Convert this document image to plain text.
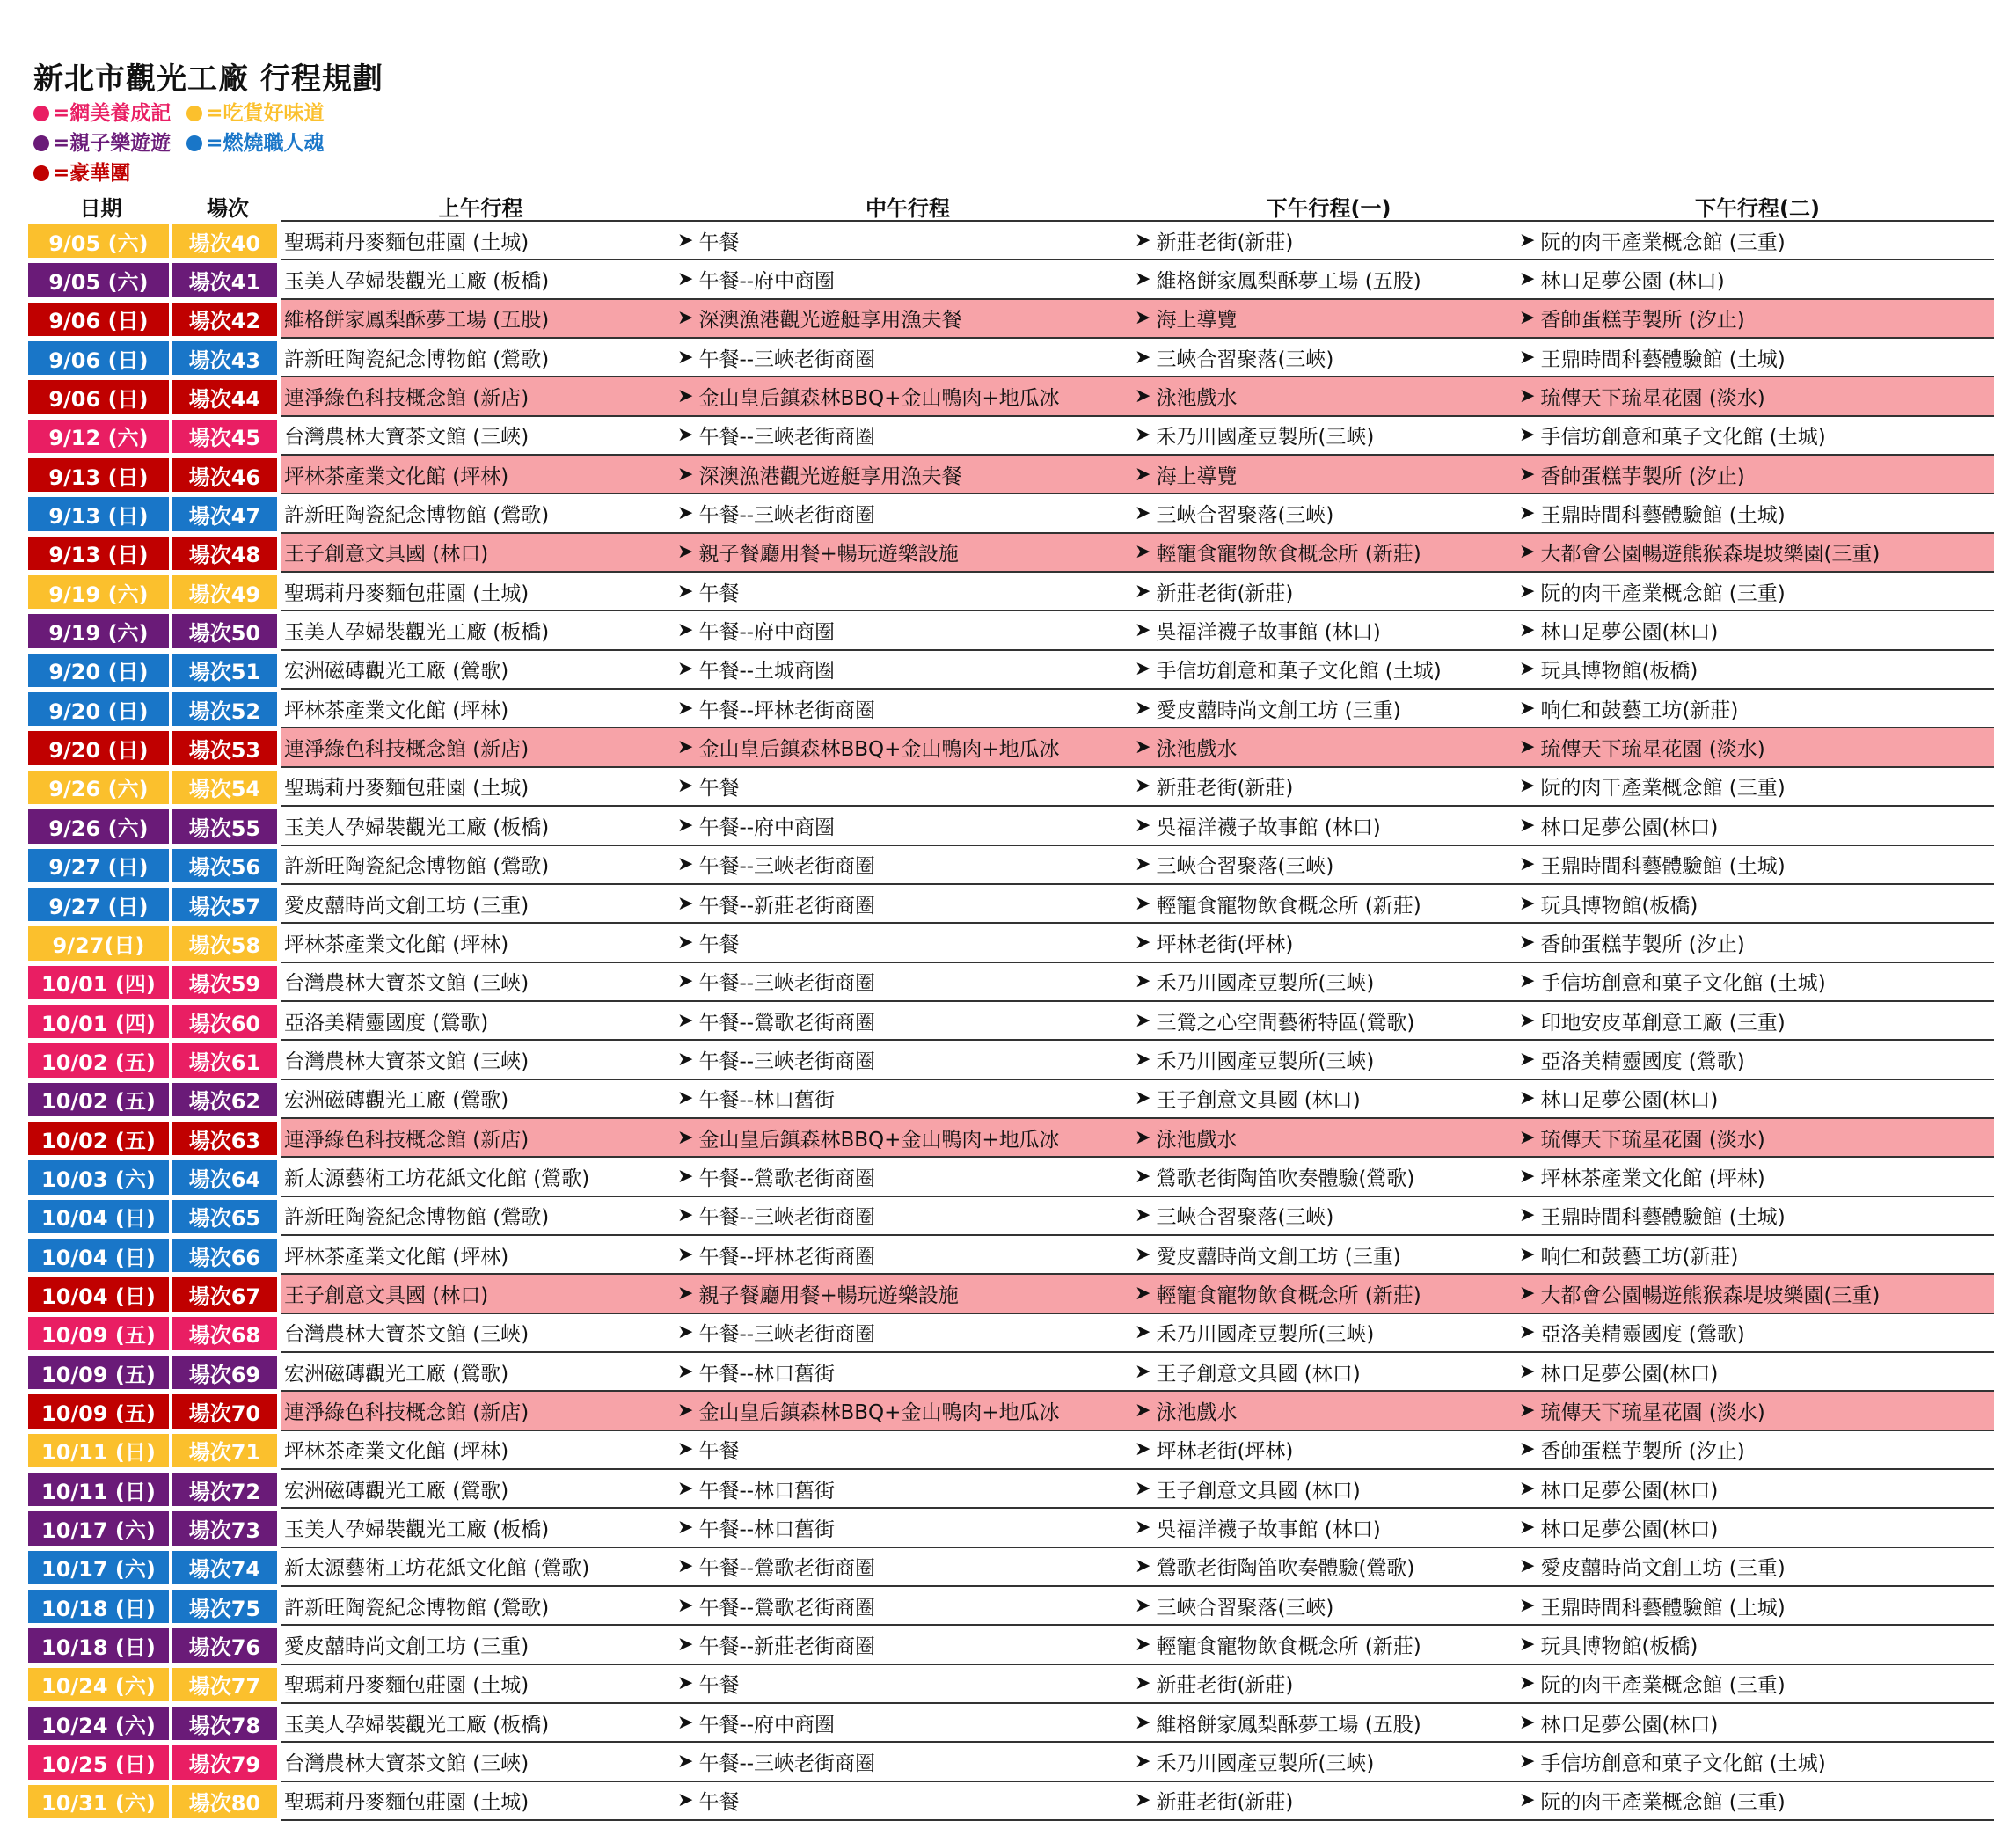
新北市觀光工廠 行程規劃
=網美養成記 =吃貨好味道
=親子樂遊遊 =燃燒職人魂
=豪華團
日期	場次	上午行程	中午行程	下午行程(一)	下午行程(二)
9/05 (六)	場次40	聖瑪莉丹麥麵包莊園 (土城)	➤ 午餐	➤ 新莊老街(新莊)	➤ 阮的肉干產業概念館 (三重)
9/05 (六)	場次41	玉美人孕婦裝觀光工廠 (板橋)	➤ 午餐--府中商圈	➤ 維格餅家鳳梨酥夢工場 (五股)	➤ 林口足夢公園 (林口)
9/06 (日)	場次42	維格餅家鳳梨酥夢工場 (五股)	➤ 深澳漁港觀光遊艇享用漁夫餐	➤ 海上導覽	➤ 香帥蛋糕芋製所 (汐止)
9/06 (日)	場次43	許新旺陶瓷紀念博物館 (鶯歌)	➤ 午餐--三峽老街商圈	➤ 三峽合習聚落(三峽)	➤ 王鼎時間科藝體驗館 (土城)
9/06 (日)	場次44	連淨綠色科技概念館 (新店)	➤ 金山皇后鎮森林BBQ+金山鴨肉+地瓜冰	➤ 泳池戲水	➤ 琉傳天下琉星花園 (淡水)
9/12 (六)	場次45	台灣農林大寶茶文館 (三峽)	➤ 午餐--三峽老街商圈	➤ 禾乃川國產豆製所(三峽)	➤ 手信坊創意和菓子文化館 (土城)
9/13 (日)	場次46	坪林茶產業文化館 (坪林)	➤ 深澳漁港觀光遊艇享用漁夫餐	➤ 海上導覽	➤ 香帥蛋糕芋製所 (汐止)
9/13 (日)	場次47	許新旺陶瓷紀念博物館 (鶯歌)	➤ 午餐--三峽老街商圈	➤ 三峽合習聚落(三峽)	➤ 王鼎時間科藝體驗館 (土城)
9/13 (日)	場次48	王子創意文具國 (林口)	➤ 親子餐廳用餐+暢玩遊樂設施	➤ 輕寵食寵物飲食概念所 (新莊)	➤ 大都會公園暢遊熊猴森堤坡樂園(三重)
9/19 (六)	場次49	聖瑪莉丹麥麵包莊園 (土城)	➤ 午餐	➤ 新莊老街(新莊)	➤ 阮的肉干產業概念館 (三重)
9/19 (六)	場次50	玉美人孕婦裝觀光工廠 (板橋)	➤ 午餐--府中商圈	➤ 吳福洋襪子故事館 (林口)	➤ 林口足夢公園(林口)
9/20 (日)	場次51	宏洲磁磚觀光工廠 (鶯歌)	➤ 午餐--土城商圈	➤ 手信坊創意和菓子文化館 (土城)	➤ 玩具博物館(板橋)
9/20 (日)	場次52	坪林茶產業文化館 (坪林)	➤ 午餐--坪林老街商圈	➤ 愛皮囍時尚文創工坊 (三重)	➤ 响仁和鼓藝工坊(新莊)
9/20 (日)	場次53	連淨綠色科技概念館 (新店)	➤ 金山皇后鎮森林BBQ+金山鴨肉+地瓜冰	➤ 泳池戲水	➤ 琉傳天下琉星花園 (淡水)
9/26 (六)	場次54	聖瑪莉丹麥麵包莊園 (土城)	➤ 午餐	➤ 新莊老街(新莊)	➤ 阮的肉干產業概念館 (三重)
9/26 (六)	場次55	玉美人孕婦裝觀光工廠 (板橋)	➤ 午餐--府中商圈	➤ 吳福洋襪子故事館 (林口)	➤ 林口足夢公園(林口)
9/27 (日)	場次56	許新旺陶瓷紀念博物館 (鶯歌)	➤ 午餐--三峽老街商圈	➤ 三峽合習聚落(三峽)	➤ 王鼎時間科藝體驗館 (土城)
9/27 (日)	場次57	愛皮囍時尚文創工坊 (三重)	➤ 午餐--新莊老街商圈	➤ 輕寵食寵物飲食概念所 (新莊)	➤ 玩具博物館(板橋)
9/27(日)	場次58	坪林茶產業文化館 (坪林)	➤ 午餐	➤ 坪林老街(坪林)	➤ 香帥蛋糕芋製所 (汐止)
10/01 (四)	場次59	台灣農林大寶茶文館 (三峽)	➤ 午餐--三峽老街商圈	➤ 禾乃川國產豆製所(三峽)	➤ 手信坊創意和菓子文化館 (土城)
10/01 (四)	場次60	亞洛美精靈國度 (鶯歌)	➤ 午餐--鶯歌老街商圈	➤ 三鶯之心空間藝術特區(鶯歌)	➤ 印地安皮革創意工廠 (三重)
10/02 (五)	場次61	台灣農林大寶茶文館 (三峽)	➤ 午餐--三峽老街商圈	➤ 禾乃川國產豆製所(三峽)	➤ 亞洛美精靈國度 (鶯歌)
10/02 (五)	場次62	宏洲磁磚觀光工廠 (鶯歌)	➤ 午餐--林口舊街	➤ 王子創意文具國 (林口)	➤ 林口足夢公園(林口)
10/02 (五)	場次63	連淨綠色科技概念館 (新店)	➤ 金山皇后鎮森林BBQ+金山鴨肉+地瓜冰	➤ 泳池戲水	➤ 琉傳天下琉星花園 (淡水)
10/03 (六)	場次64	新太源藝術工坊花紙文化館 (鶯歌)	➤ 午餐--鶯歌老街商圈	➤ 鶯歌老街陶笛吹奏體驗(鶯歌)	➤ 坪林茶產業文化館 (坪林)
10/04 (日)	場次65	許新旺陶瓷紀念博物館 (鶯歌)	➤ 午餐--三峽老街商圈	➤ 三峽合習聚落(三峽)	➤ 王鼎時間科藝體驗館 (土城)
10/04 (日)	場次66	坪林茶產業文化館 (坪林)	➤ 午餐--坪林老街商圈	➤ 愛皮囍時尚文創工坊 (三重)	➤ 响仁和鼓藝工坊(新莊)
10/04 (日)	場次67	王子創意文具國 (林口)	➤ 親子餐廳用餐+暢玩遊樂設施	➤ 輕寵食寵物飲食概念所 (新莊)	➤ 大都會公園暢遊熊猴森堤坡樂園(三重)
10/09 (五)	場次68	台灣農林大寶茶文館 (三峽)	➤ 午餐--三峽老街商圈	➤ 禾乃川國產豆製所(三峽)	➤ 亞洛美精靈國度 (鶯歌)
10/09 (五)	場次69	宏洲磁磚觀光工廠 (鶯歌)	➤ 午餐--林口舊街	➤ 王子創意文具國 (林口)	➤ 林口足夢公園(林口)
10/09 (五)	場次70	連淨綠色科技概念館 (新店)	➤ 金山皇后鎮森林BBQ+金山鴨肉+地瓜冰	➤ 泳池戲水	➤ 琉傳天下琉星花園 (淡水)
10/11 (日)	場次71	坪林茶產業文化館 (坪林)	➤ 午餐	➤ 坪林老街(坪林)	➤ 香帥蛋糕芋製所 (汐止)
10/11 (日)	場次72	宏洲磁磚觀光工廠 (鶯歌)	➤ 午餐--林口舊街	➤ 王子創意文具國 (林口)	➤ 林口足夢公園(林口)
10/17 (六)	場次73	玉美人孕婦裝觀光工廠 (板橋)	➤ 午餐--林口舊街	➤ 吳福洋襪子故事館 (林口)	➤ 林口足夢公園(林口)
10/17 (六)	場次74	新太源藝術工坊花紙文化館 (鶯歌)	➤ 午餐--鶯歌老街商圈	➤ 鶯歌老街陶笛吹奏體驗(鶯歌)	➤ 愛皮囍時尚文創工坊 (三重)
10/18 (日)	場次75	許新旺陶瓷紀念博物館 (鶯歌)	➤ 午餐--鶯歌老街商圈	➤ 三峽合習聚落(三峽)	➤ 王鼎時間科藝體驗館 (土城)
10/18 (日)	場次76	愛皮囍時尚文創工坊 (三重)	➤ 午餐--新莊老街商圈	➤ 輕寵食寵物飲食概念所 (新莊)	➤ 玩具博物館(板橋)
10/24 (六)	場次77	聖瑪莉丹麥麵包莊園 (土城)	➤ 午餐	➤ 新莊老街(新莊)	➤ 阮的肉干產業概念館 (三重)
10/24 (六)	場次78	玉美人孕婦裝觀光工廠 (板橋)	➤ 午餐--府中商圈	➤ 維格餅家鳳梨酥夢工場 (五股)	➤ 林口足夢公園(林口)
10/25 (日)	場次79	台灣農林大寶茶文館 (三峽)	➤ 午餐--三峽老街商圈	➤ 禾乃川國產豆製所(三峽)	➤ 手信坊創意和菓子文化館 (土城)
10/31 (六)	場次80	聖瑪莉丹麥麵包莊園 (土城)	➤ 午餐	➤ 新莊老街(新莊)	➤ 阮的肉干產業概念館 (三重)
